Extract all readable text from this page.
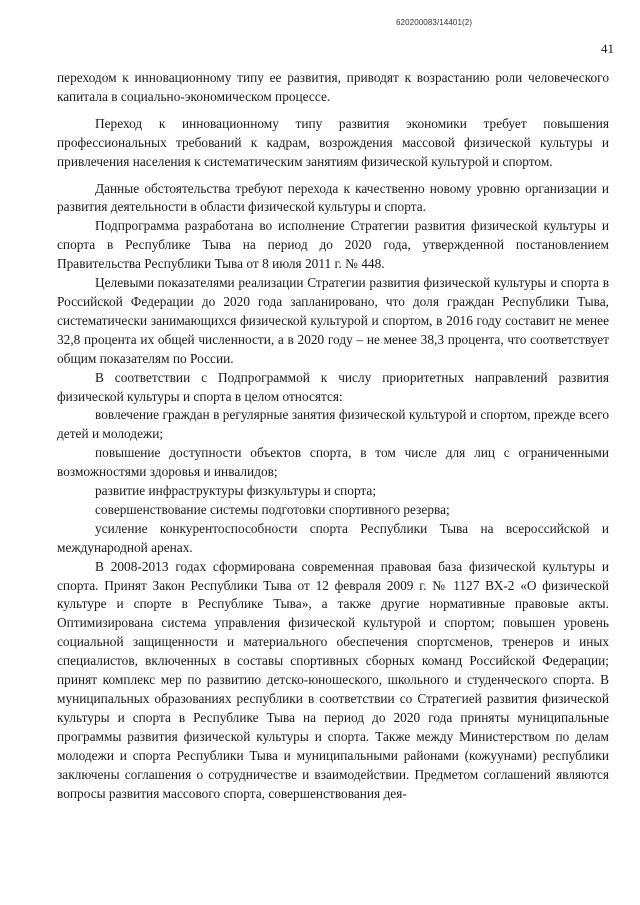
620200083/14401(2)
41

переходом к инновационному типу ее развития, приводят к возрастанию роли человеческого капитала в социально-экономическом процессе.

Переход к инновационному типу развития экономики требует повышения профессиональных требований к кадрам, возрождения массовой физической культуры и привлечения населения к систематическим занятиям физической культурой и спортом.

Данные обстоятельства требуют перехода к качественно новому уровню организации и развития деятельности в области физической культуры и спорта.

Подпрограмма разработана во исполнение Стратегии развития физической культуры и спорта в Республике Тыва на период до 2020 года, утвержденной постановлением Правительства Республики Тыва от 8 июля 2011 г. № 448.

Целевыми показателями реализации Стратегии развития физической культуры и спорта в Российской Федерации до 2020 года запланировано, что доля граждан Республики Тыва, систематически занимающихся физической культурой и спортом, в 2016 году составит не менее 32,8 процента их общей численности, а в 2020 году – не менее 38,3 процента, что соответствует общим показателям по России.

В соответствии с Подпрограммой к числу приоритетных направлений развития физической культуры и спорта в целом относятся:

вовлечение граждан в регулярные занятия физической культурой и спортом, прежде всего детей и молодежи;

повышение доступности объектов спорта, в том числе для лиц с ограниченными возможностями здоровья и инвалидов;

развитие инфраструктуры физкультуры и спорта;

совершенствование системы подготовки спортивного резерва;

усиление конкурентоспособности спорта Республики Тыва на всероссийской и международной аренах.

В 2008-2013 годах сформирована современная правовая база физической культуры и спорта. Принят Закон Республики Тыва от 12 февраля 2009 г. № 1127 ВХ-2 «О физической культуре и спорте в Республике Тыва», а также другие нормативные правовые акты. Оптимизирована система управления физической культурой и спортом; повышен уровень социальной защищенности и материального обеспечения спортсменов, тренеров и иных специалистов, включенных в составы спортивных сборных команд Российской Федерации; принят комплекс мер по развитию детско-юношеского, школьного и студенческого спорта. В муниципальных образованиях республики в соответствии со Стратегией развития физической культуры и спорта в Республике Тыва на период до 2020 года приняты муниципальные программы развития физической культуры и спорта. Также между Министерством по делам молодежи и спорта Республики Тыва и муниципальными районами (кожуунами) республики заключены соглашения о сотрудничестве и взаимодействии. Предметом соглашений являются вопросы развития массового спорта, совершенствования дея-
